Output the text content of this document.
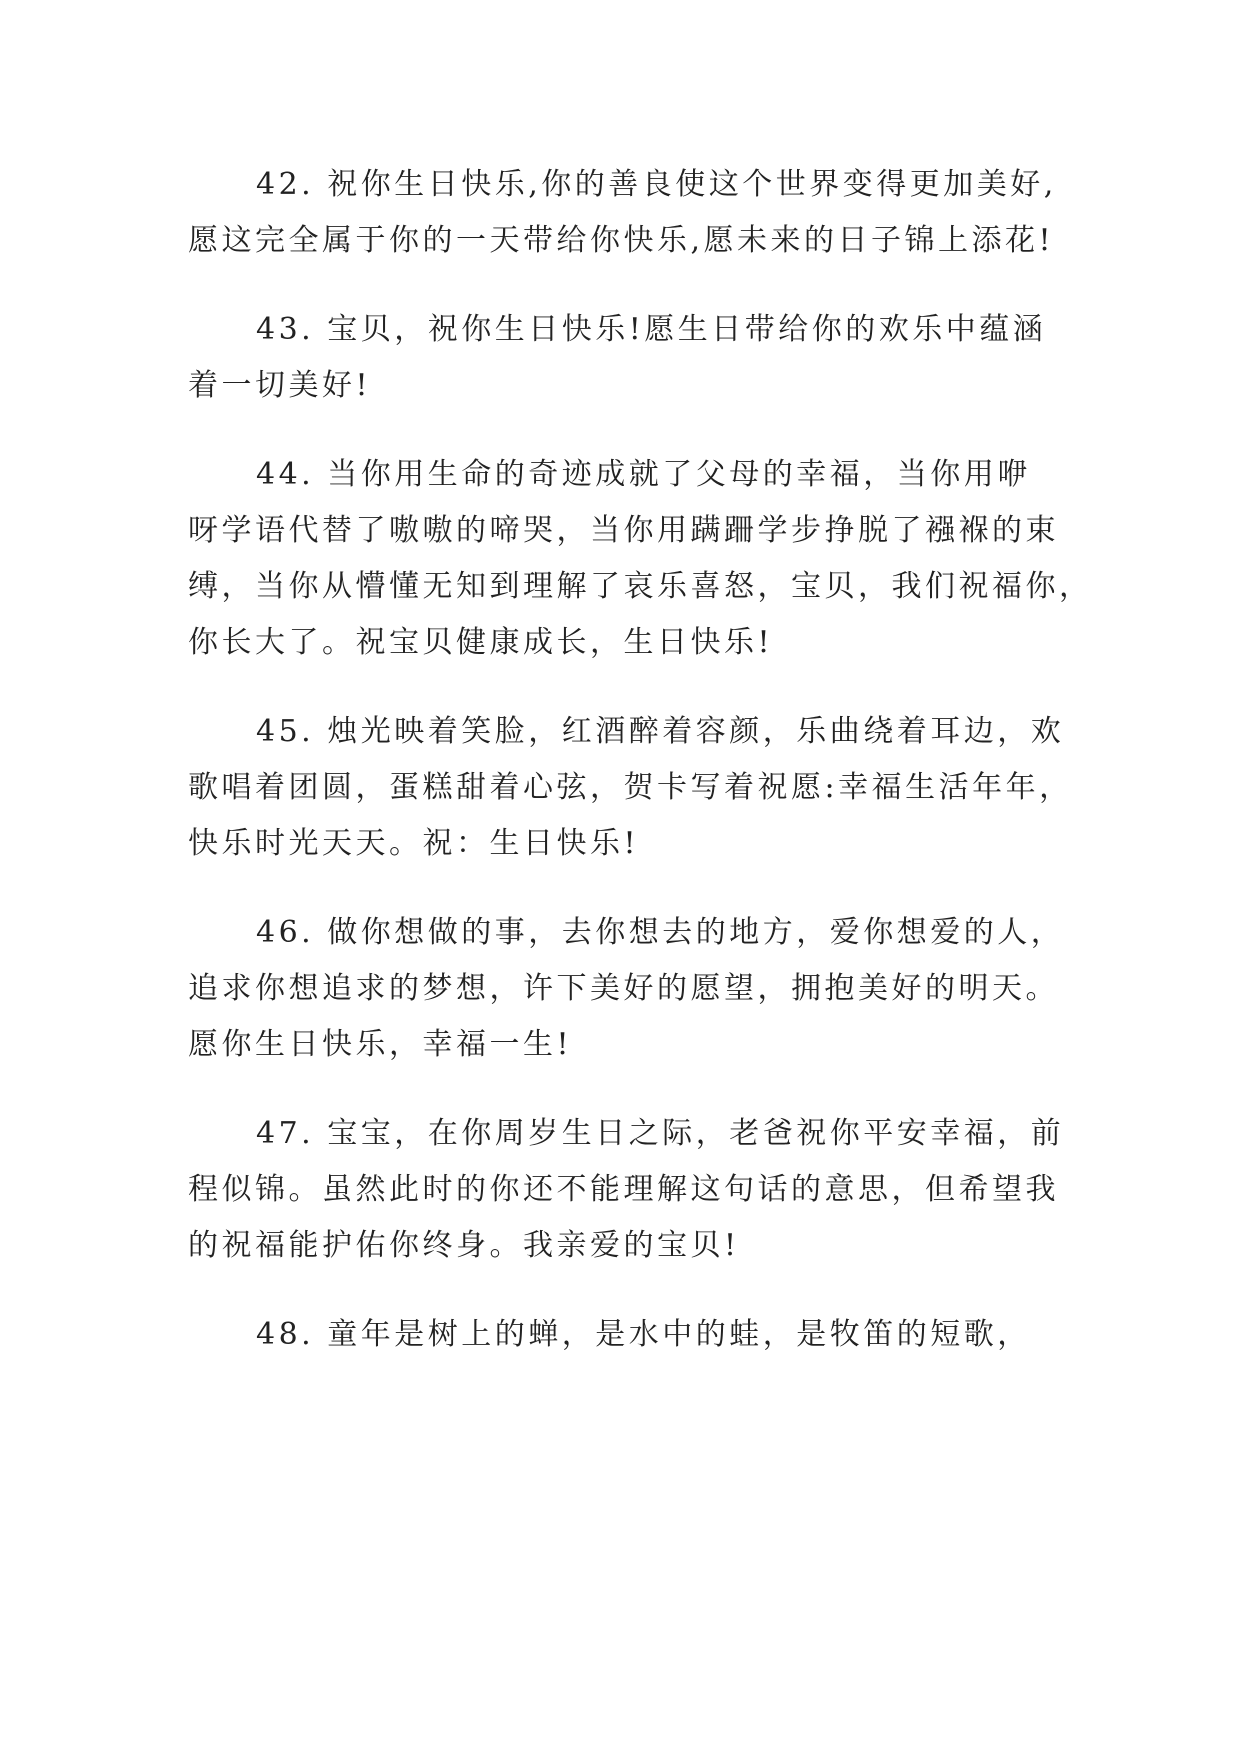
42. 祝你生日快乐,你的善良使这个世界变得更加美好,
愿这完全属于你的一天带给你快乐,愿未来的日子锦上添花!
43. 宝贝，祝你生日快乐!愿生日带给你的欢乐中蕴涵
着一切美好!
44. 当你用生命的奇迹成就了父母的幸福，当你用咿
呀学语代替了嗷嗷的啼哭，当你用蹒跚学步挣脱了襁褓的束
缚，当你从懵懂无知到理解了哀乐喜怒，宝贝，我们祝福你，
你长大了。祝宝贝健康成长，生日快乐!
45. 烛光映着笑脸，红酒醉着容颜，乐曲绕着耳边，欢
歌唱着团圆，蛋糕甜着心弦，贺卡写着祝愿:幸福生活年年，
快乐时光天天。祝：生日快乐!
46. 做你想做的事，去你想去的地方，爱你想爱的人，
追求你想追求的梦想，许下美好的愿望，拥抱美好的明天。
愿你生日快乐，幸福一生!
47. 宝宝，在你周岁生日之际，老爸祝你平安幸福，前
程似锦。虽然此时的你还不能理解这句话的意思，但希望我
的祝福能护佑你终身。我亲爱的宝贝!
48. 童年是树上的蝉，是水中的蛙，是牧笛的短歌，
